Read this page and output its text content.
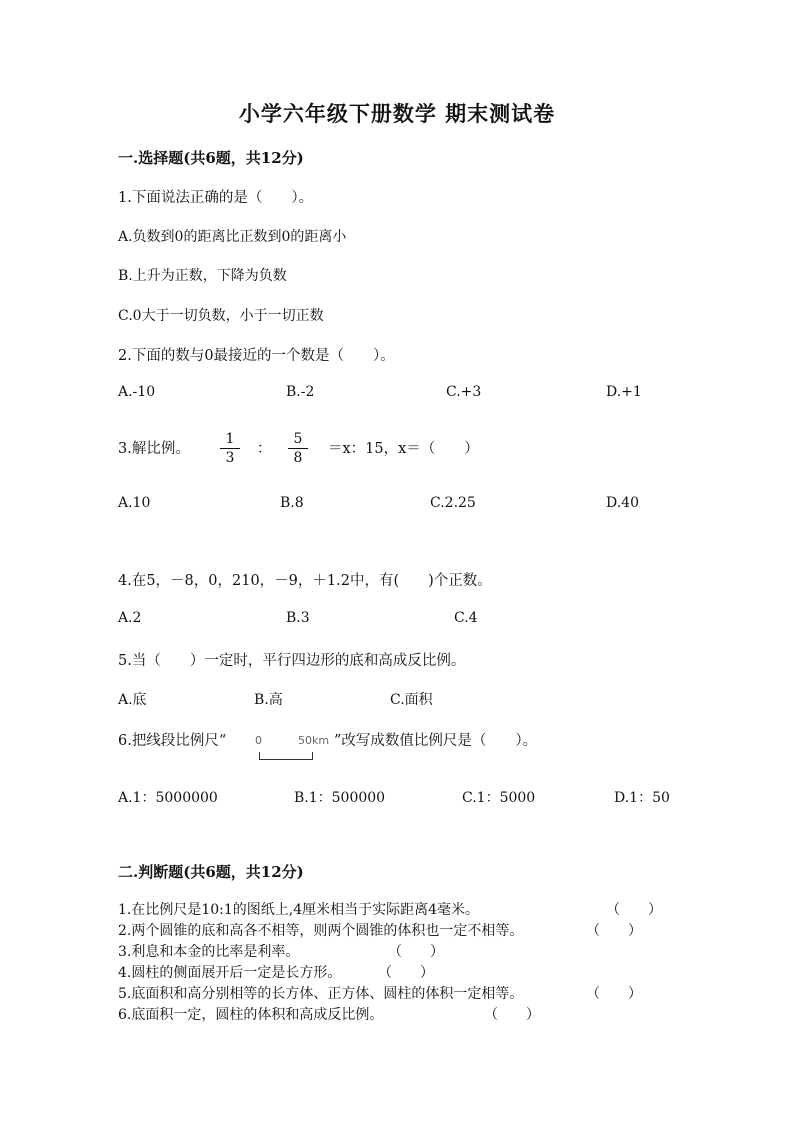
小学六年级下册数学 期末测试卷
一.选择题(共6题，共12分)
1.下面说法正确的是（　　）。
A.负数到0的距离比正数到0的距离小
B.上升为正数，下降为负数
C.0大于一切负数，小于一切正数
2.下面的数与0最接近的一个数是（　　）。
A.-10	B.-2	C.+3	D.+1
3.解比例。
1
3
：
5
8
＝x：15，x＝（　　）
A.10	B.8	C.2.25	D.40
4.在5，－8，0，210，－9，＋1.2中，有(　　)个正数。
A.2	B.3	C.4
5.当（　　）一定时，平行四边形的底和高成反比例。
A.底	B.高	C.面积
6.把线段比例尺“	0	50km ”改写成数值比例尺是（　　）。
A.1：5000000	B.1：500000	C.1：5000	D.1：50
二.判断题(共6题，共12分)
1.在比例尺是10:1的图纸上,4厘米相当于实际距离4毫米。	（　　）
2.两个圆锥的底和高各不相等，则两个圆锥的体积也一定不相等。	（　　）
3.利息和本金的比率是利率。	（　　）
4.圆柱的侧面展开后一定是长方形。	（　　）
5.底面积和高分别相等的长方体、正方体、圆柱的体积一定相等。	（　　）
6.底面积一定，圆柱的体积和高成反比例。	（　　）
